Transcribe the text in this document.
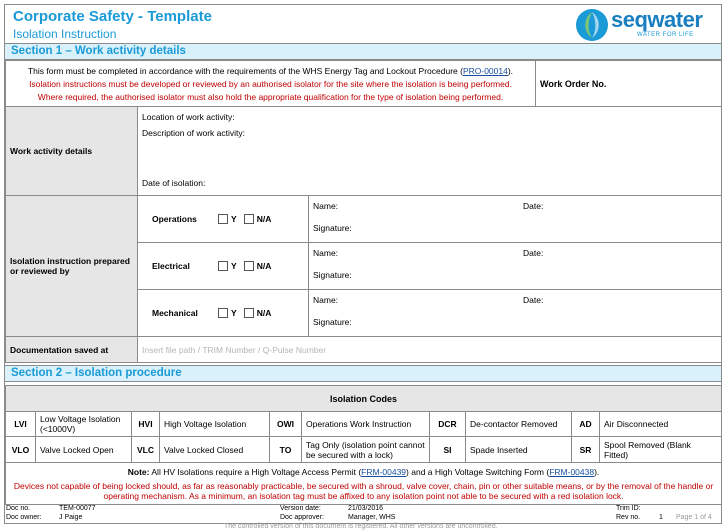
Corporate Safety - Template
Isolation Instruction
seqwater
WATER FOR LIFE
Section 1 – Work activity details
This form must be completed in accordance with the requirements of the WHS Energy Tag and Lockout Procedure (PRO-00014).
Isolation instructions must be developed or reviewed by an authorised isolator for the site where the isolation is being performed.
Where required, the authorised isolator must also hold the appropriate qualification for the type of isolation being performed.			Work Order No.
Work activity details	Location of work activity:
Description of work activity:
Date of isolation:		

Isolation instruction prepared or reviewed by	Operations Y N/A	Name: Date:
Signature:	

	Electrical Y N/A	Name: Date:
Signature:	

	Mechanical Y N/A	Name: Date:
Signature:	

Documentation saved at	Insert file path / TRIM Number / Q-Pulse Number		
Section 2 – Isolation procedure
Isolation Codes									
LVI	Low Voltage Isolation (<1000V)	HVI	High Voltage Isolation	OWI	Operations Work Instruction	DCR	De-contactor Removed	AD	Air Disconnected
VLO	Valve Locked Open	VLC	Valve Locked Closed	TO	Tag Only (isolation point cannot be secured with a lock)	SI	Spade Inserted	SR	Spool Removed (Blank Fitted)

Note: All HV Isolations require a High Voltage Access Permit (FRM-00439) and a High Voltage Switching Form (FRM-00438).
Devices not capable of being locked should, as far as reasonably practicable, be secured with a shroud, valve cover, chain, pin or other suitable means, or by the removal of the handle or operating mechanism. As a minimum, an isolation tag must be affixed to any isolation point not able to be secured with a red isolation lock.									
Doc no.	TEM-00077
Doc owner:	J Paige
Version date:	21/03/2016
Doc approver:	Manager, WHS
Trim ID:
Rev no.	1 Page 1 of 4
The controlled version of this document is registered. All other versions are uncontrolled.
